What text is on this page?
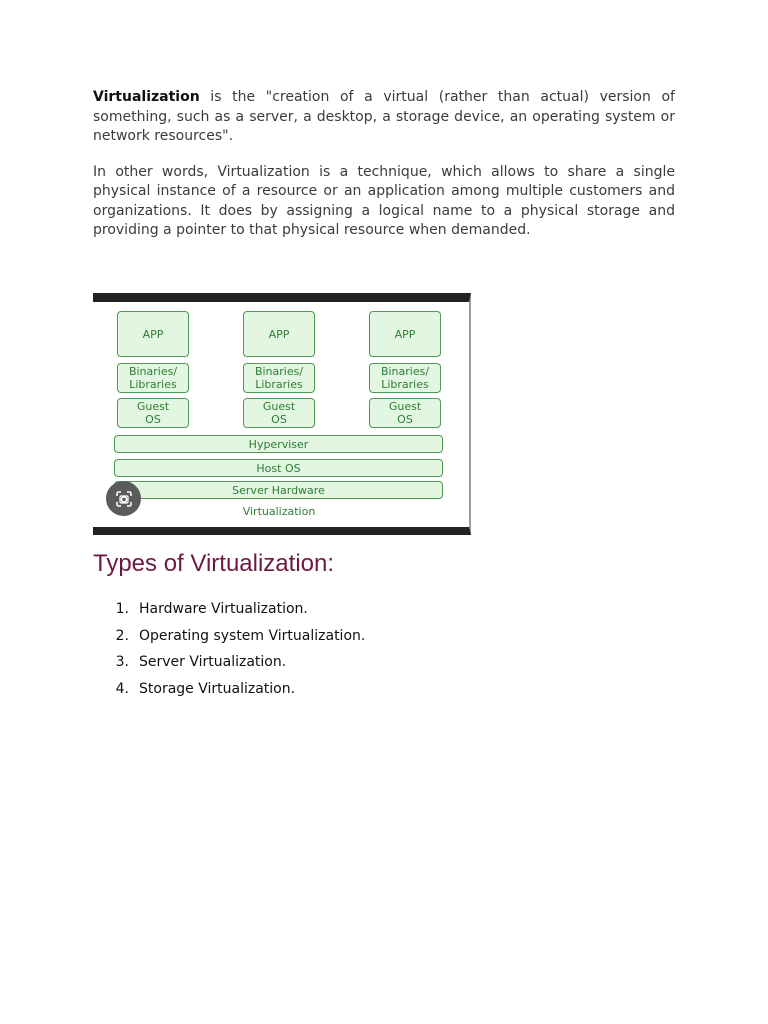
Virtualization is the "creation of a virtual (rather than actual) version of something, such as a server, a desktop, a storage device, an operating system or network resources".

In other words, Virtualization is a technique, which allows to share a single physical instance of a resource or an application among multiple customers and organizations. It does by assigning a logical name to a physical storage and providing a pointer to that physical resource when demanded.

APP
Binaries/
Libraries
Guest
OS
APP
Binaries/
Libraries
Guest
OS
APP
Binaries/
Libraries
Guest
OS
Hyperviser
Host OS
Server Hardware
Virtualization
Types of Virtualization:
1. Hardware Virtualization.
2. Operating system Virtualization.
3. Server Virtualization.
4. Storage Virtualization.
